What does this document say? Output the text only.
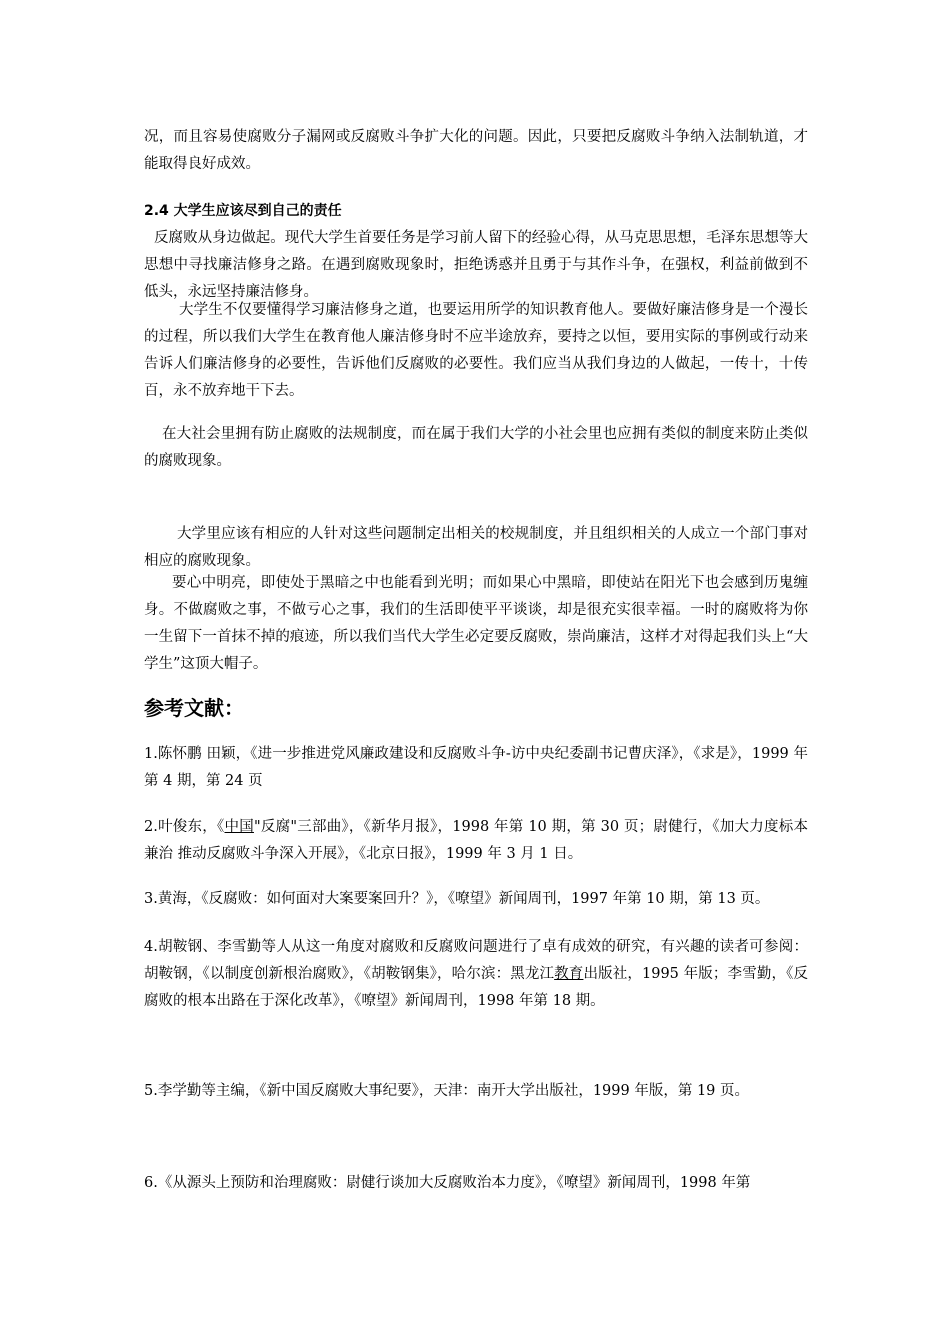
况，而且容易使腐败分子漏网或反腐败斗争扩大化的问题。因此，只要把反腐败斗争纳入法制轨道，才能取得良好成效。
2.4 大学生应该尽到自己的责任
反腐败从身边做起。现代大学生首要任务是学习前人留下的经验心得，从马克思思想，毛泽东思想等大思想中寻找廉洁修身之路。在遇到腐败现象时，拒绝诱惑并且勇于与其作斗争，在强权，利益前做到不低头，永远坚持廉洁修身。
大学生不仅要懂得学习廉洁修身之道，也要运用所学的知识教育他人。要做好廉洁修身是一个漫长的过程，所以我们大学生在教育他人廉洁修身时不应半途放弃，要持之以恒，要用实际的事例或行动来告诉人们廉洁修身的必要性，告诉他们反腐败的必要性。我们应当从我们身边的人做起，一传十，十传百，永不放弃地干下去。
在大社会里拥有防止腐败的法规制度，而在属于我们大学的小社会里也应拥有类似的制度来防止类似的腐败现象。
大学里应该有相应的人针对这些问题制定出相关的校规制度，并且组织相关的人成立一个部门事对相应的腐败现象。
要心中明亮，即使处于黑暗之中也能看到光明；而如果心中黑暗，即使站在阳光下也会感到历鬼缠身。不做腐败之事，不做亏心之事，我们的生活即使平平谈谈，却是很充实很幸福。一时的腐败将为你一生留下一首抹不掉的痕迹，所以我们当代大学生必定要反腐败，崇尚廉洁，这样才对得起我们头上“大学生”这顶大帽子。
参考文献：
1.陈怀鹏 田颖，《进一步推进党风廉政建设和反腐败斗争-访中央纪委副书记曹庆泽》，《求是》，1999 年第 4 期，第 24 页
2.叶俊东，《中国"反腐"三部曲》，《新华月报》，1998 年第 10 期，第 30 页；尉健行，《加大力度标本兼治 推动反腐败斗争深入开展》，《北京日报》，1999 年 3 月 1 日。
3.黄海，《反腐败：如何面对大案要案回升？》，《嘹望》新闻周刊，1997 年第 10 期，第 13 页。
4.胡鞍钢、李雪勤等人从这一角度对腐败和反腐败问题进行了卓有成效的研究，有兴趣的读者可参阅：胡鞍钢，《以制度创新根治腐败》，《胡鞍钢集》，哈尔滨：黑龙江教育出版社，1995 年版；李雪勤，《反腐败的根本出路在于深化改革》，《嘹望》新闻周刊，1998 年第 18 期。
5.李学勤等主编，《新中国反腐败大事纪要》，天津：南开大学出版社，1999 年版，第 19 页。
6.《从源头上预防和治理腐败：尉健行谈加大反腐败治本力度》，《嘹望》新闻周刊，1998 年第
